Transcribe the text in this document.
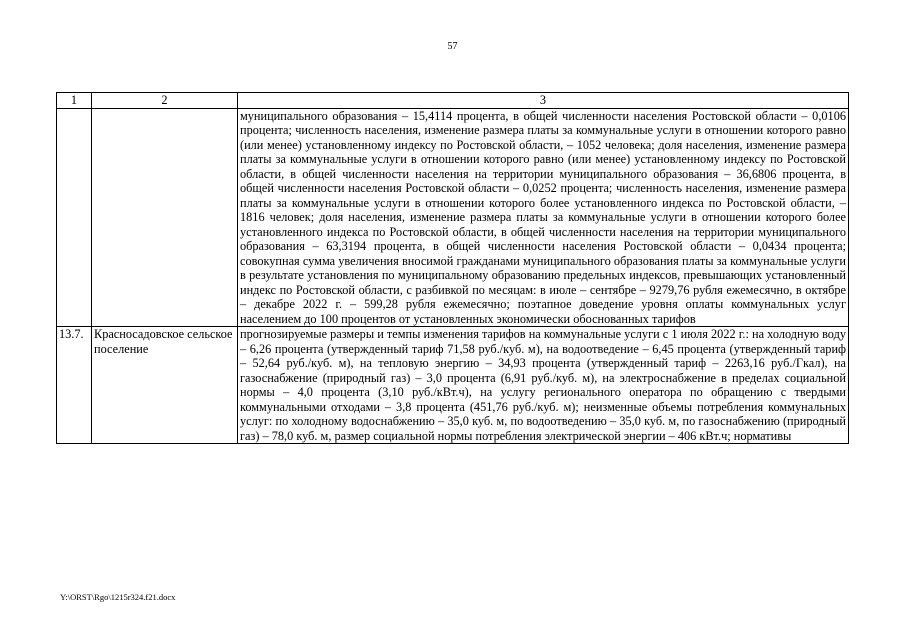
57
1	2	3
		муниципального образования – 15,4114 процента, в общей численности населения Ростовской области – 0,0106 процента; численность населения, изменение размера платы за коммунальные услуги в отношении которого равно (или менее) установленному индексу по Ростовской области, – 1052 человека; доля населения, изменение размера платы за коммунальные услуги в отношении которого равно (или менее) установленному индексу по Ростовской области, в общей численности населения на территории муниципального образования – 36,6806 процента, в общей численности населения Ростовской области – 0,0252 процента; численность населения, изменение размера платы за коммунальные услуги в отношении которого более установленного индекса по Ростовской области, – 1816 человек; доля населения, изменение размера платы за коммунальные услуги в отношении которого более установленного индекса по Ростовской области, в общей численности населения на территории муниципального образования – 63,3194 процента, в общей численности населения Ростовской области – 0,0434 процента; совокупная сумма увеличения вносимой гражданами муниципального образования платы за коммунальные услуги в результате установления по муниципальному образованию предельных индексов, превышающих установленный индекс по Ростовской области, с разбивкой по месяцам: в июле – сентябре – 9279,76 рубля ежемесячно, в октябре – декабре 2022 г. – 599,28 рубля ежемесячно; поэтапное доведение уровня оплаты коммунальных услуг населением до 100 процентов от установленных экономически обоснованных тарифов
13.7.	Красносадовское сельское поселение	прогнозируемые размеры и темпы изменения тарифов на коммунальные услуги с 1 июля 2022 г.: на холодную воду – 6,26 процента (утвержденный тариф 71,58 руб./куб. м), на водоотведение – 6,45 процента (утвержденный тариф – 52,64 руб./куб. м), на тепловую энергию – 34,93 процента (утвержденный тариф – 2263,16 руб./Гкал), на газоснабжение (природный газ) – 3,0 процента (6,91 руб./куб. м), на электроснабжение в пределах социальной нормы – 4,0 процента (3,10 руб./кВт.ч), на услугу регионального оператора по обращению с твердыми коммунальными отходами – 3,8 процента (451,76 руб./куб. м); неизменные объемы потребления коммунальных услуг: по холодному водоснабжению – 35,0 куб. м, по водоотведению – 35,0 куб. м, по газоснабжению (природный газ) – 78,0 куб. м, размер социальной нормы потребления электрической энергии – 406 кВт.ч; нормативы
Y:\ORST\Rgo\1215r324.f21.docx
